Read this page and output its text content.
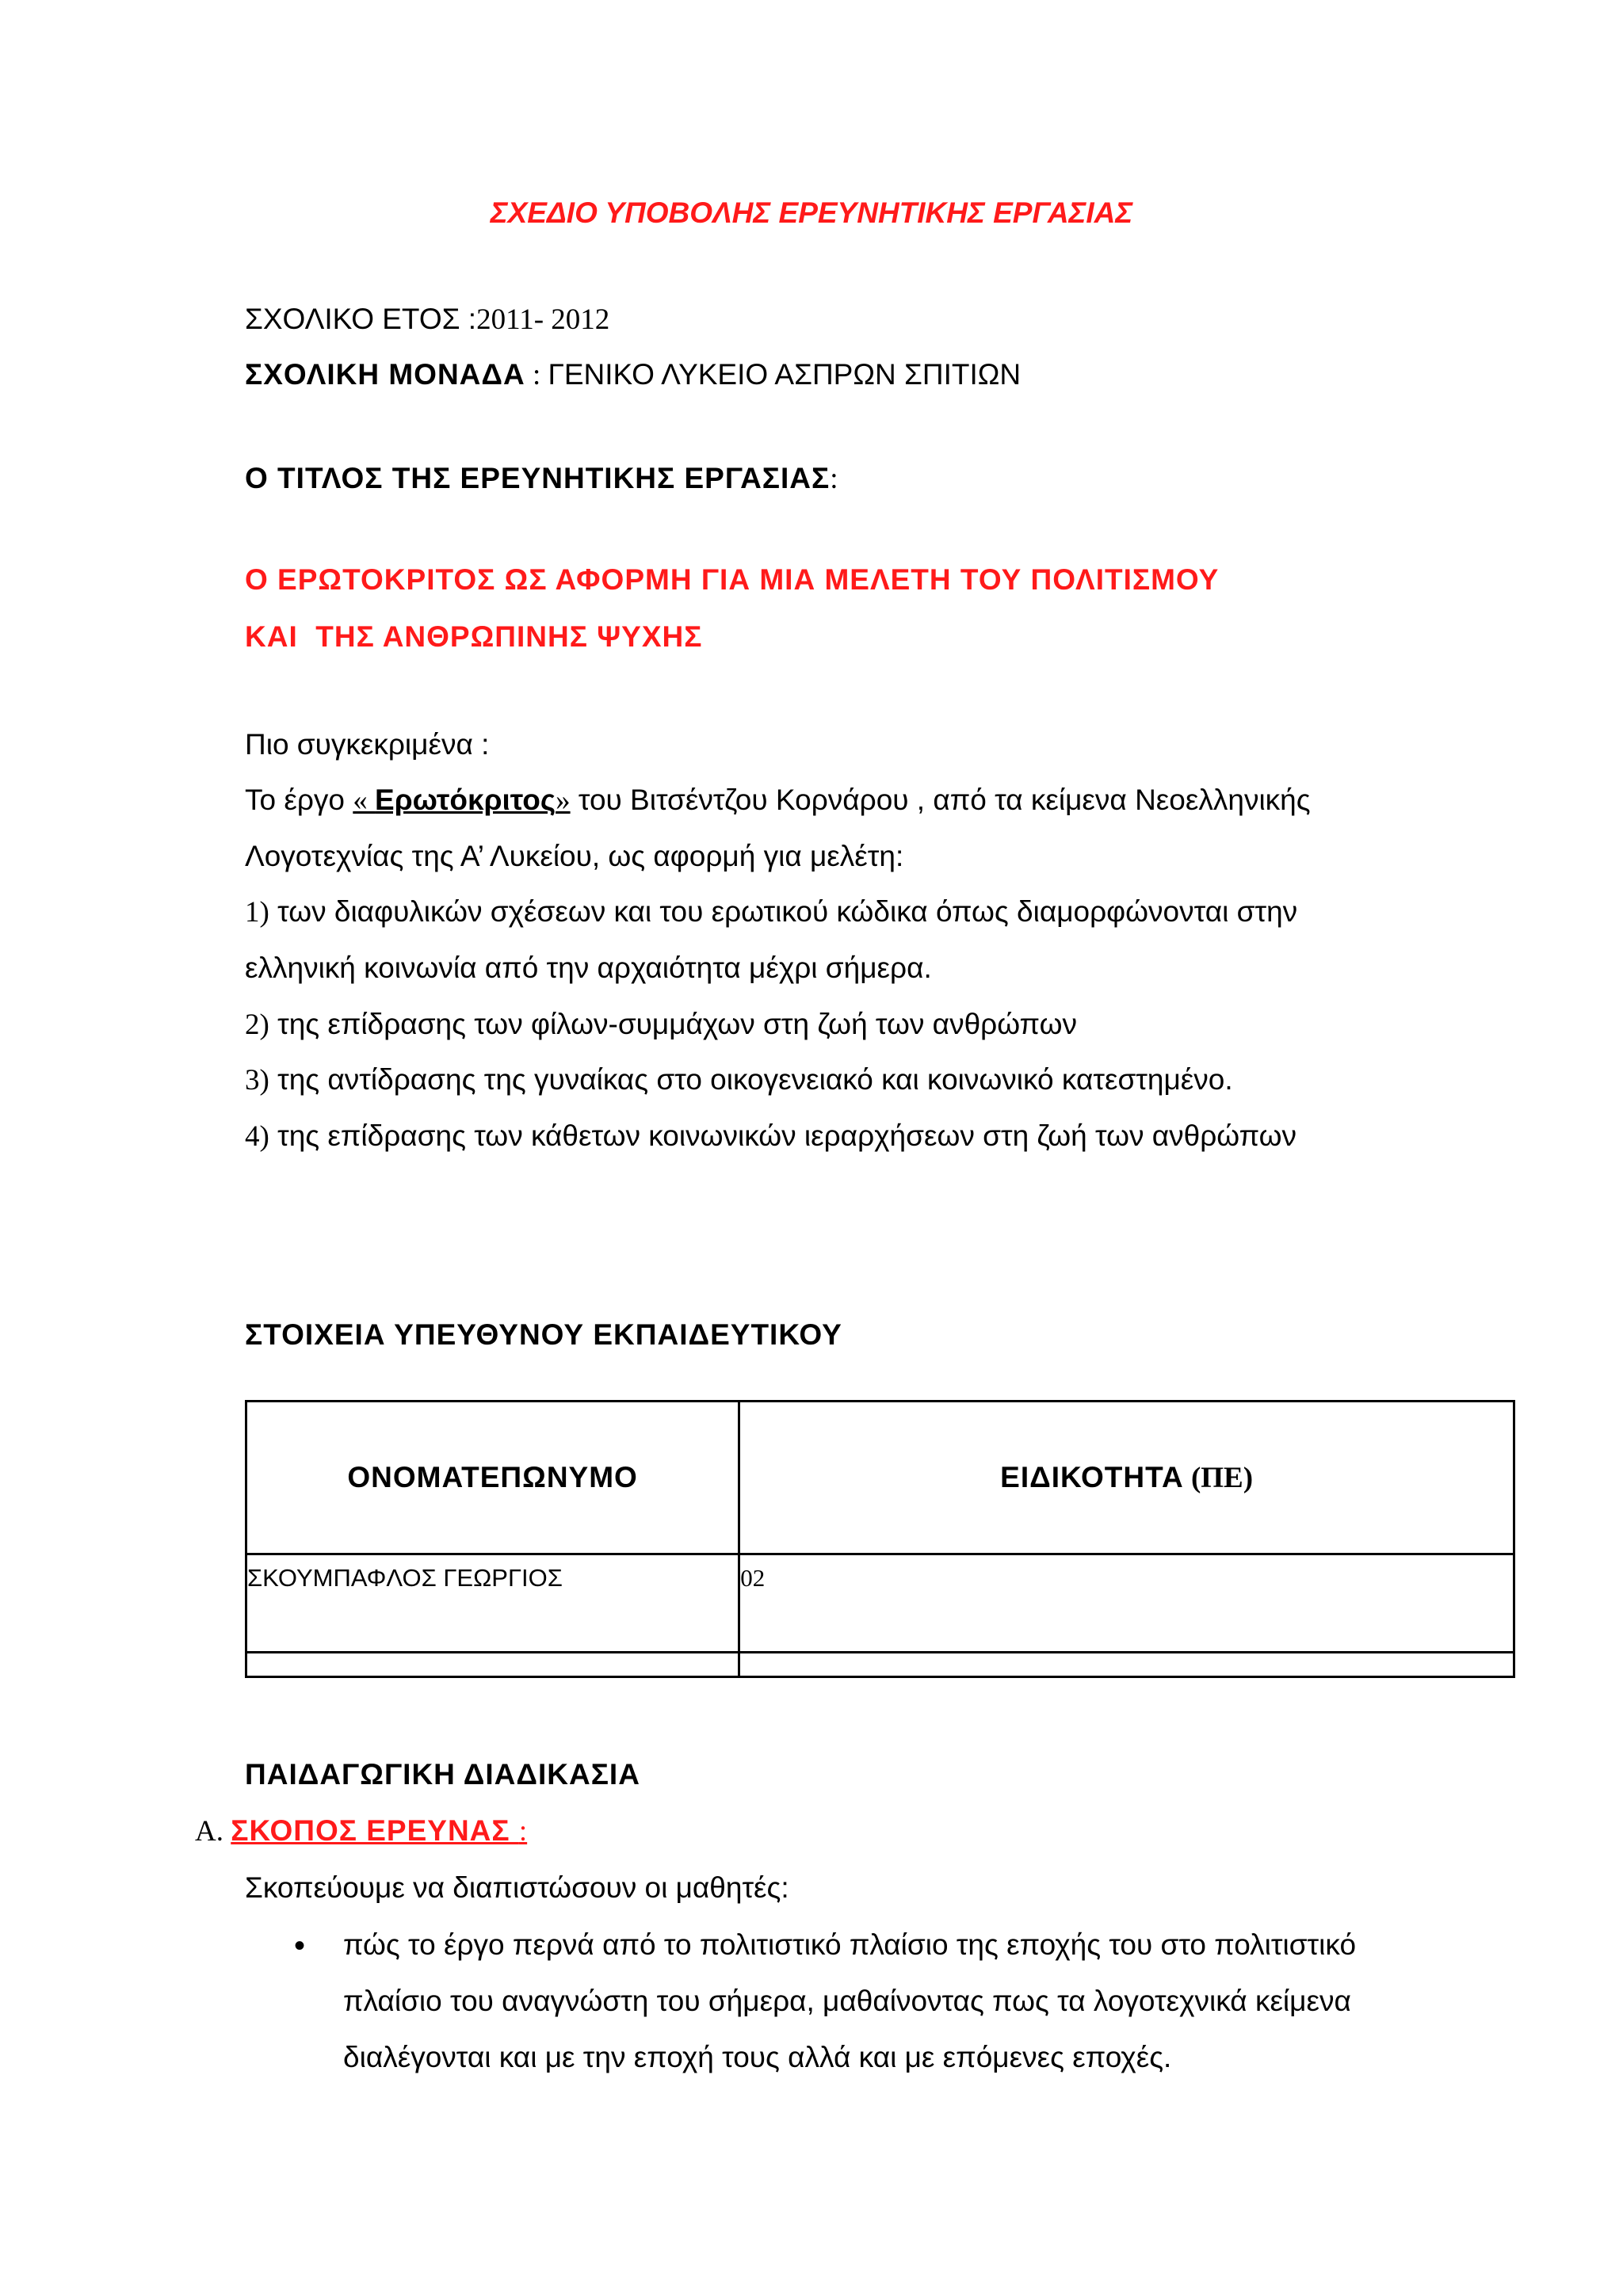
ΣΧΕΔΙΟ ΥΠΟΒΟΛΗΣ ΕΡΕΥΝΗΤΙΚΗΣ ΕΡΓΑΣΙΑΣ
ΣΧΟΛΙΚΟ ΕΤΟΣ :2011- 2012
ΣΧΟΛΙΚΗ ΜΟΝΑΔΑ : ΓΕΝΙΚΟ ΛΥΚΕΙΟ ΑΣΠΡΩΝ ΣΠΙΤΙΩΝ
Ο ΤΙΤΛΟΣ ΤΗΣ ΕΡΕΥΝΗΤΙΚΗΣ ΕΡΓΑΣΙΑΣ:
Ο ΕΡΩΤΟΚΡΙΤΟΣ ΩΣ ΑΦΟΡΜΗ ΓΙΑ ΜΙΑ ΜΕΛΕΤΗ ΤΟΥ ΠΟΛΙΤΙΣΜΟΥ
ΚΑΙ  ΤΗΣ ΑΝΘΡΩΠΙΝΗΣ ΨΥΧΗΣ
Πιο συγκεκριμένα :
Το έργο « Ερωτόκριτος» του Βιτσέντζου Κορνάρου , από τα κείμενα Νεοελληνικής
Λογοτεχνίας της Α’ Λυκείου, ως αφορμή για μελέτη:
1) των διαφυλικών σχέσεων και του ερωτικού κώδικα όπως διαμορφώνονται στην
ελληνική κοινωνία από την αρχαιότητα μέχρι σήμερα.
2) της επίδρασης των φίλων-συμμάχων στη ζωή των ανθρώπων
3) της αντίδρασης της γυναίκας στο οικογενειακό και κοινωνικό κατεστημένο.
4) της επίδρασης των κάθετων κοινωνικών ιεραρχήσεων στη ζωή των ανθρώπων
ΣΤΟΙΧΕΙΑ ΥΠΕΥΘΥΝΟΥ ΕΚΠΑΙΔΕΥΤΙΚΟΥ
ΟΝΟΜΑΤΕΠΩΝΥΜΟ	ΕΙΔΙΚΟΤΗΤΑ (ΠΕ)

ΣΚΟΥΜΠΑΦΛΟΣ ΓΕΩΡΓΙΟΣ	02

ΠΑΙΔΑΓΩΓΙΚΗ ΔΙΑΔΙΚΑΣΙΑ
Α. ΣΚΟΠΟΣ ΕΡΕΥΝΑΣ :
Σκοπεύουμε να διαπιστώσουν οι μαθητές:
• πώς το έργο περνά από το πολιτιστικό πλαίσιο της εποχής του στο πολιτιστικό
πλαίσιο του αναγνώστη του σήμερα, μαθαίνοντας πως τα λογοτεχνικά κείμενα
διαλέγονται και με την εποχή τους αλλά και με επόμενες εποχές.
